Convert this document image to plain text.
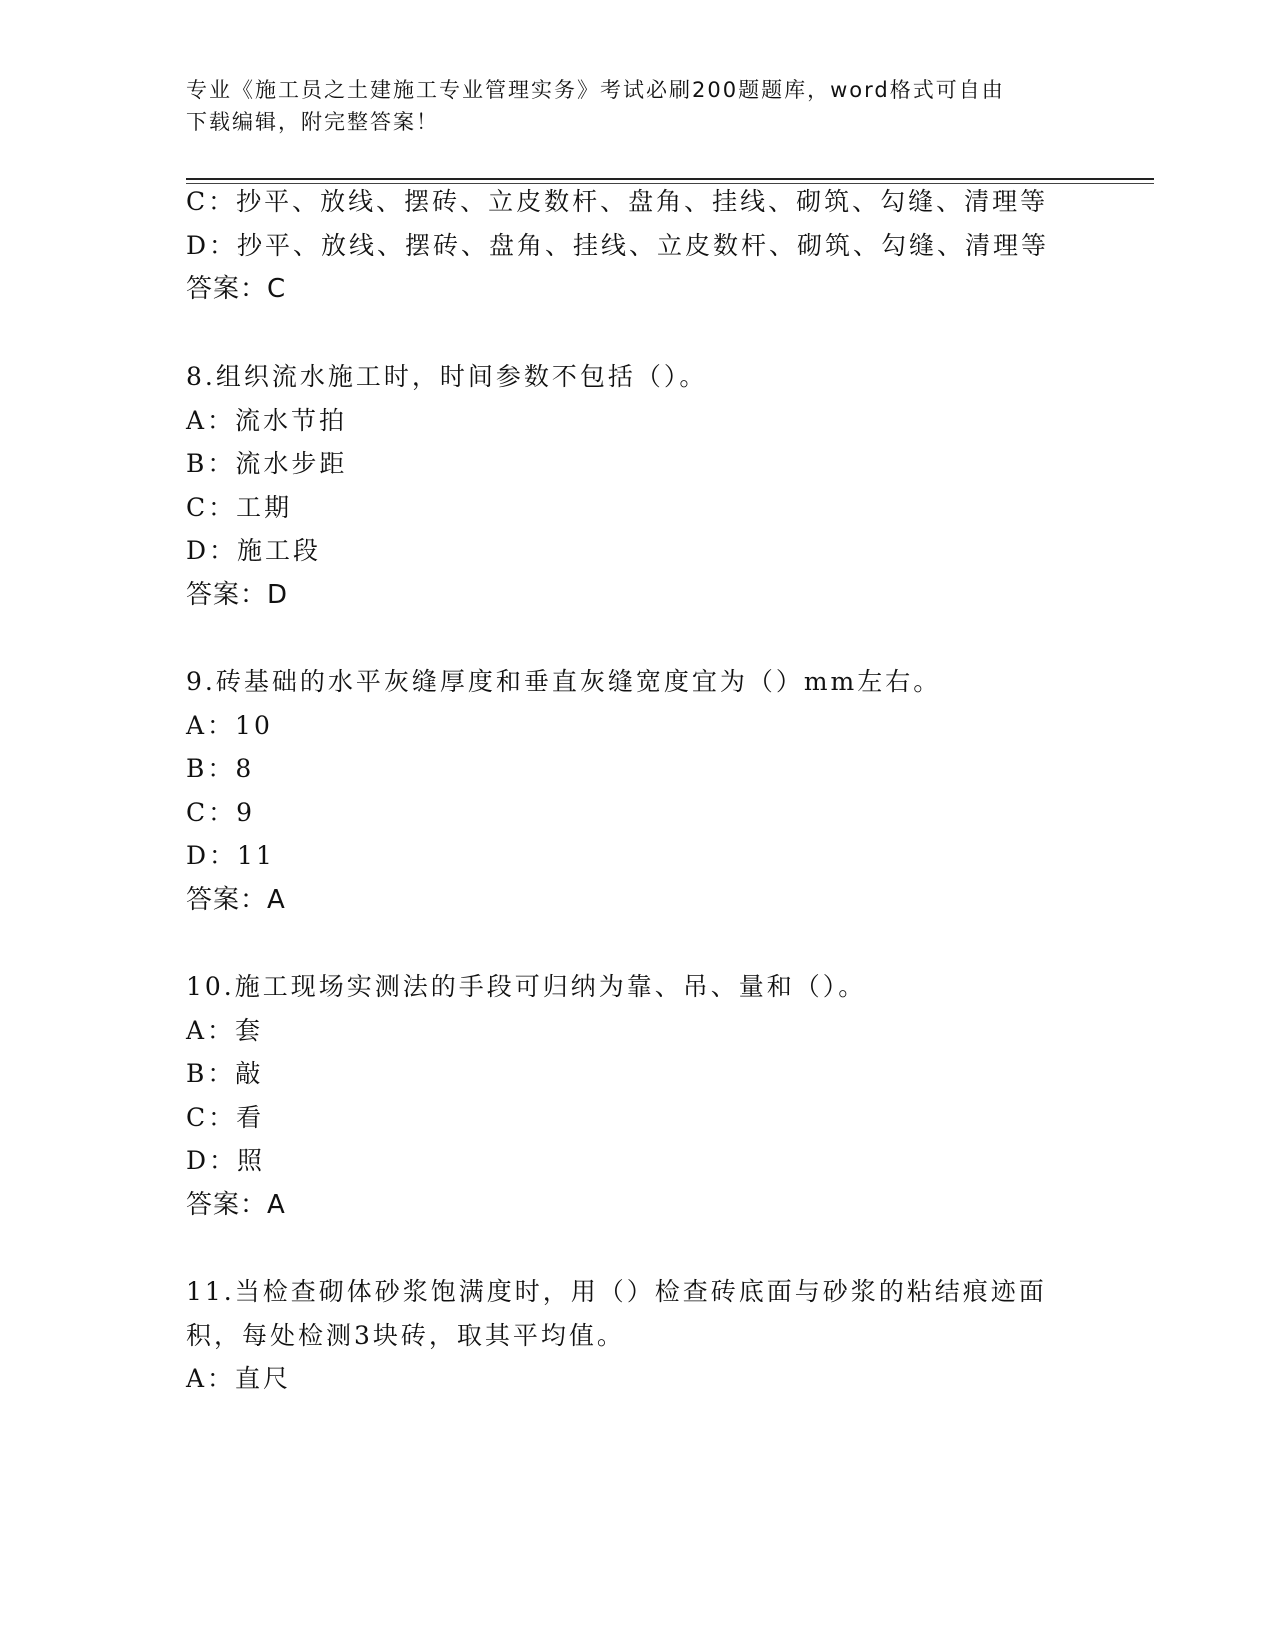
专业《施工员之土建施工专业管理实务》考试必刷200题题库，word格式可自由
下载编辑，附完整答案！
C：抄平、放线、摆砖、立皮数杆、盘角、挂线、砌筑、勾缝、清理等
D：抄平、放线、摆砖、盘角、挂线、立皮数杆、砌筑、勾缝、清理等
答案：C
8.组织流水施工时，时间参数不包括（）。
A：流水节拍
B：流水步距
C：工期
D：施工段
答案：D
9.砖基础的水平灰缝厚度和垂直灰缝宽度宜为（）mm左右。
A：10
B：8
C：9
D：11
答案：A
10.施工现场实测法的手段可归纳为靠、吊、量和（）。
A：套
B：敲
C：看
D：照
答案：A
11.当检查砌体砂浆饱满度时，用（）检查砖底面与砂浆的粘结痕迹面
积，每处检测3块砖，取其平均值。
A：直尺
